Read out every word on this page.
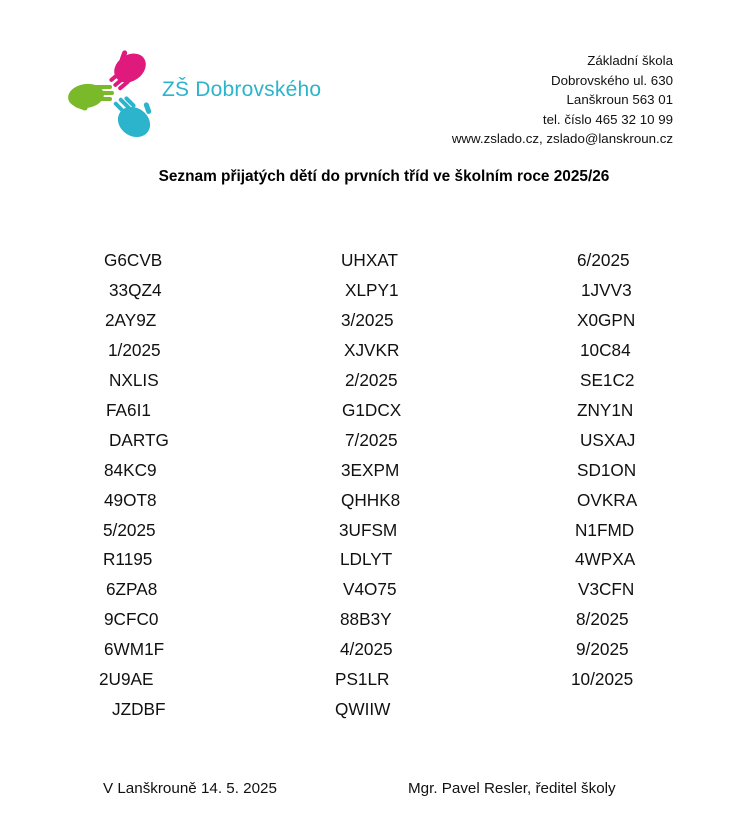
ZŠ Dobrovského
Základní škola
Dobrovského ul. 630
Lanškroun 563 01
tel. číslo 465 32 10 99
www.zslado.cz, zslado@lanskroun.cz
Seznam přijatých dětí do prvních tříd ve školním roce 2025/26
G6CVB
33QZ4
2AY9Z
1/2025
NXLIS
FA6I1
DARTG
84KC9
49OT8
5/2025
R1195
6ZPA8
9CFC0
6WM1F
2U9AE
JZDBF
UHXAT
XLPY1
3/2025
XJVKR
2/2025
G1DCX
7/2025
3EXPM
QHHK8
3UFSM
LDLYT
V4O75
88B3Y
4/2025
PS1LR
QWIIW
6/2025
1JVV3
X0GPN
10C84
SE1C2
ZNY1N
USXAJ
SD1ON
OVKRA
N1FMD
4WPXA
V3CFN
8/2025
9/2025
10/2025
V Lanškrouně 14. 5. 2025	Mgr. Pavel Resler, ředitel školy
